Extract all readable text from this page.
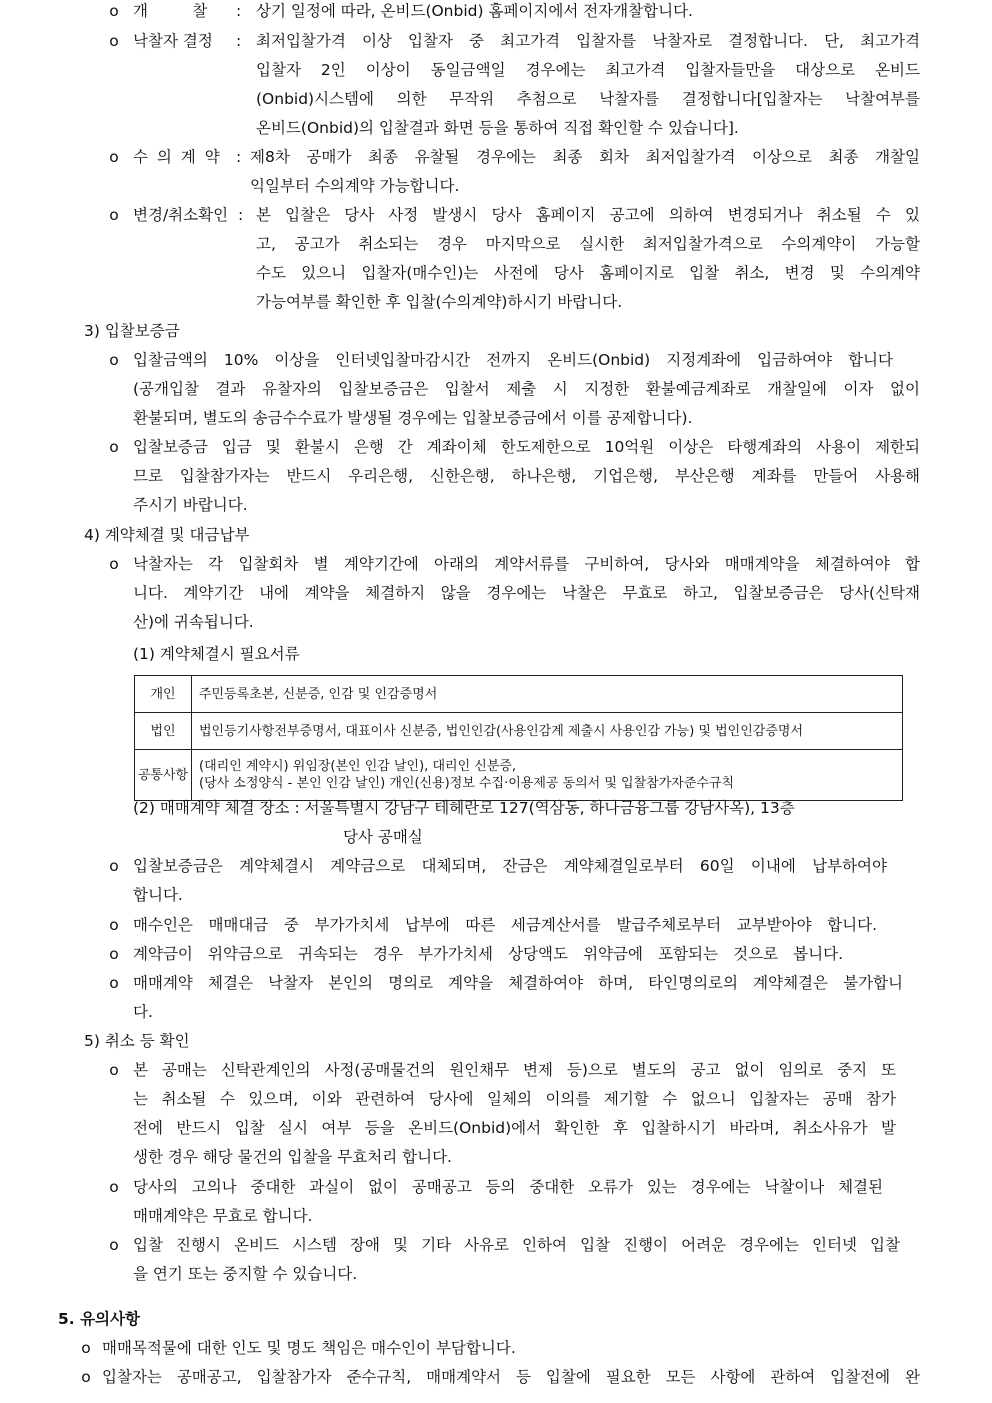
o 개         찰 : 상기 일정에 따라, 온비드(Onbid) 홈페이지에서 전자개찰합니다.
o 낙찰자 결정 : 최저입찰가격 이상 입찰자 중 최고가격 입찰자를 낙찰자로 결정합니다. 단, 최고가격
입찰자 2인 이상이 동일금액일 경우에는 최고가격 입찰자들만을 대상으로 온비드
(Onbid)시스템에 의한 무작위 추첨으로 낙찰자를 결정합니다[입찰자는 낙찰여부를
온비드(Onbid)의 입찰결과 화면 등을 통하여 직접 확인할 수 있습니다].
o 수 의 계 약 : 제8차 공매가 최종 유찰될 경우에는 최종 회차 최저입찰가격 이상으로 최종 개찰일
익일부터 수의계약 가능합니다.
o 변경/취소확인 : 본 입찰은 당사 사정 발생시 당사 홈페이지 공고에 의하여 변경되거나 취소될 수 있
고, 공고가 취소되는 경우 마지막으로 실시한 최저입찰가격으로 수의계약이 가능할
수도 있으니 입찰자(매수인)는 사전에 당사 홈페이지로 입찰 취소, 변경 및 수의계약
가능여부를 확인한 후 입찰(수의계약)하시기 바랍니다.
3) 입찰보증금
o 입찰금액의 10% 이상을 인터넷입찰마감시간 전까지 온비드(Onbid) 지정계좌에 입금하여야 합니다
(공개입찰 결과 유찰자의 입찰보증금은 입찰서 제출 시 지정한 환불예금계좌로 개찰일에 이자 없이
환불되며, 별도의 송금수수료가 발생될 경우에는 입찰보증금에서 이를 공제합니다).
o 입찰보증금 입금 및 환불시 은행 간 계좌이체 한도제한으로 10억원 이상은 타행계좌의 사용이 제한되
므로 입찰참가자는 반드시 우리은행, 신한은행, 하나은행, 기업은행, 부산은행 계좌를 만들어 사용해
주시기 바랍니다.
4) 계약체결 및 대금납부
o 낙찰자는 각 입찰회차 별 계약기간에 아래의 계약서류를 구비하여, 당사와 매매계약을 체결하여야 합
니다. 계약기간 내에 계약을 체결하지 않을 경우에는 낙찰은 무효로 하고, 입찰보증금은 당사(신탁재
산)에 귀속됩니다.
(1) 계약체결시 필요서류
개인	주민등록초본, 신분증, 인감 및 인감증명서
법인	법인등기사항전부증명서, 대표이사 신분증, 법인인감(사용인감계 제출시 사용인감 가능) 및 법인인감증명서
공통사항	(대리인 계약시) 위임장(본인 인감 날인), 대리인 신분증,
(당사 소정양식 - 본인 인감 날인) 개인(신용)정보 수집·이용제공 동의서 및 입찰참가자준수규칙
(2) 매매계약 체결 장소 : 서울특별시 강남구 테헤란로 127(역삼동, 하나금융그룹 강남사옥), 13층
당사 공매실
o 입찰보증금은 계약체결시 계약금으로 대체되며, 잔금은 계약체결일로부터 60일 이내에 납부하여야
합니다.
o 매수인은 매매대금 중 부가가치세 납부에 따른 세금계산서를 발급주체로부터 교부받아야 합니다.
o 계약금이 위약금으로 귀속되는 경우 부가가치세 상당액도 위약금에 포함되는 것으로 봅니다.
o 매매계약 체결은 낙찰자 본인의 명의로 계약을 체결하여야 하며, 타인명의로의 계약체결은 불가합니
다.
5) 취소 등 확인
o 본 공매는 신탁관계인의 사정(공매물건의 원인채무 변제 등)으로 별도의 공고 없이 임의로 중지 또
는 취소될 수 있으며, 이와 관련하여 당사에 일체의 이의를 제기할 수 없으니 입찰자는 공매 참가
전에 반드시 입찰 실시 여부 등을 온비드(Onbid)에서 확인한 후 입찰하시기 바라며, 취소사유가 발
생한 경우 해당 물건의 입찰을 무효처리 합니다.
o 당사의 고의나 중대한 과실이 없이 공매공고 등의 중대한 오류가 있는 경우에는 낙찰이나 체결된
매매계약은 무효로 합니다.
o 입찰 진행시 온비드 시스템 장애 및 기타 사유로 인하여 입찰 진행이 어려운 경우에는 인터넷 입찰
을 연기 또는 중지할 수 있습니다.
5. 유의사항
o 매매목적물에 대한 인도 및 명도 책임은 매수인이 부담합니다.
o 입찰자는 공매공고, 입찰참가자 준수규칙, 매매계약서 등 입찰에 필요한 모든 사항에 관하여 입찰전에 완
